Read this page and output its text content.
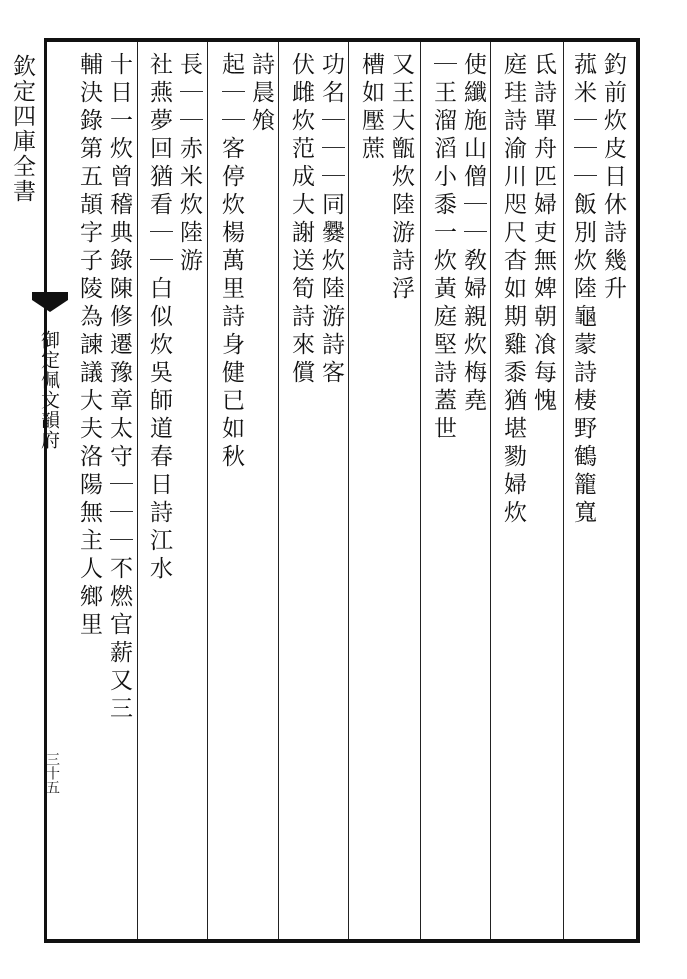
欽定四庫全書
御定佩文韻府
三十五
釣前炊皮日休詩幾升
菰米｜｜｜飯別炊陸龜蒙詩棲野鶴籠寬
氐詩單舟匹婦吏無婢朝飡每愧
庭珪詩渝川咫尺杳如期雞黍猶堪勠婦炊
使纖施山僧｜｜敎婦親炊梅堯
｜王溜滔小黍一炊黃庭堅詩蓋世
又王大甑炊陸游詩浮
槽如壓蔗
功名｜｜｜同爨炊陸游詩客
伏雌炊范成大謝送筍詩來償
詩晨飧
起｜｜客停炊楊萬里詩身健已如秋
長｜｜赤米炊陸游
社燕夢回猶看｜｜白似炊吳師道春日詩江水
十日一炊曾稽典錄陳修遷豫章太守｜｜｜不燃官薪又三
輔決錄第五頡字子陵為諫議大夫洛陽無主人鄉里
